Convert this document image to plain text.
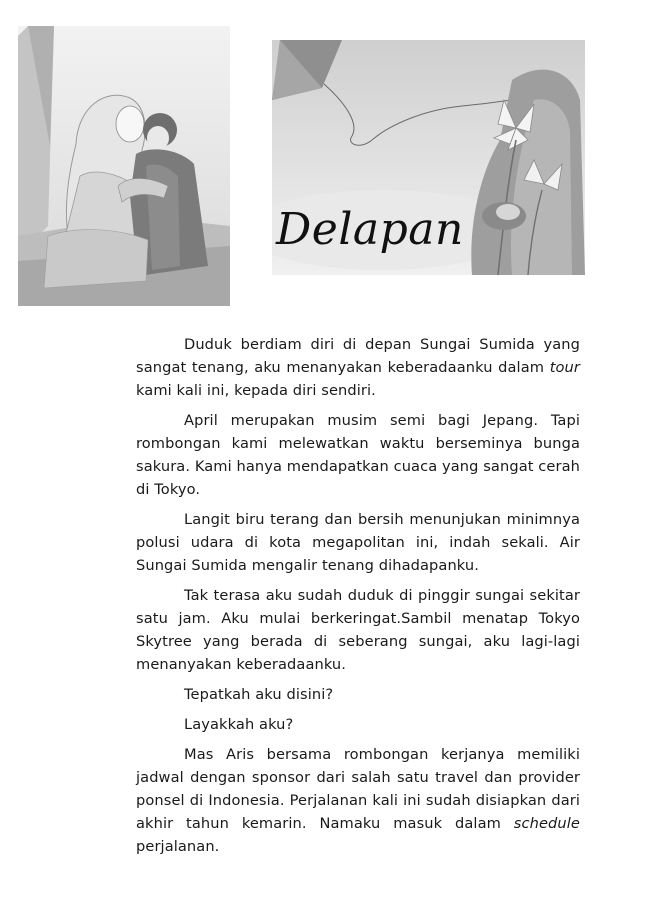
Delapan

Duduk berdiam diri di depan Sungai Sumida yang sangat tenang, aku menanyakan keberadaanku dalam tour kami kali ini, kepada diri sendiri.

April merupakan musim semi bagi Jepang. Tapi rombongan kami melewatkan waktu berseminya bunga sakura. Kami hanya mendapatkan cuaca yang sangat cerah di Tokyo.

Langit biru terang dan bersih menunjukan minimnya polusi udara di kota megapolitan ini, indah sekali. Air Sungai Sumida mengalir tenang dihadapanku.

Tak terasa aku sudah duduk di pinggir sungai sekitar satu jam. Aku mulai berkeringat.Sambil menatap Tokyo Skytree yang berada di seberang sungai, aku lagi-lagi menanyakan keberadaanku.

Tepatkah aku disini?

Layakkah aku?

Mas Aris bersama rombongan kerjanya memiliki jadwal dengan sponsor dari salah satu travel dan provider ponsel di Indonesia. Perjalanan kali ini sudah disiapkan dari akhir tahun kemarin. Namaku masuk dalam schedule perjalanan.
